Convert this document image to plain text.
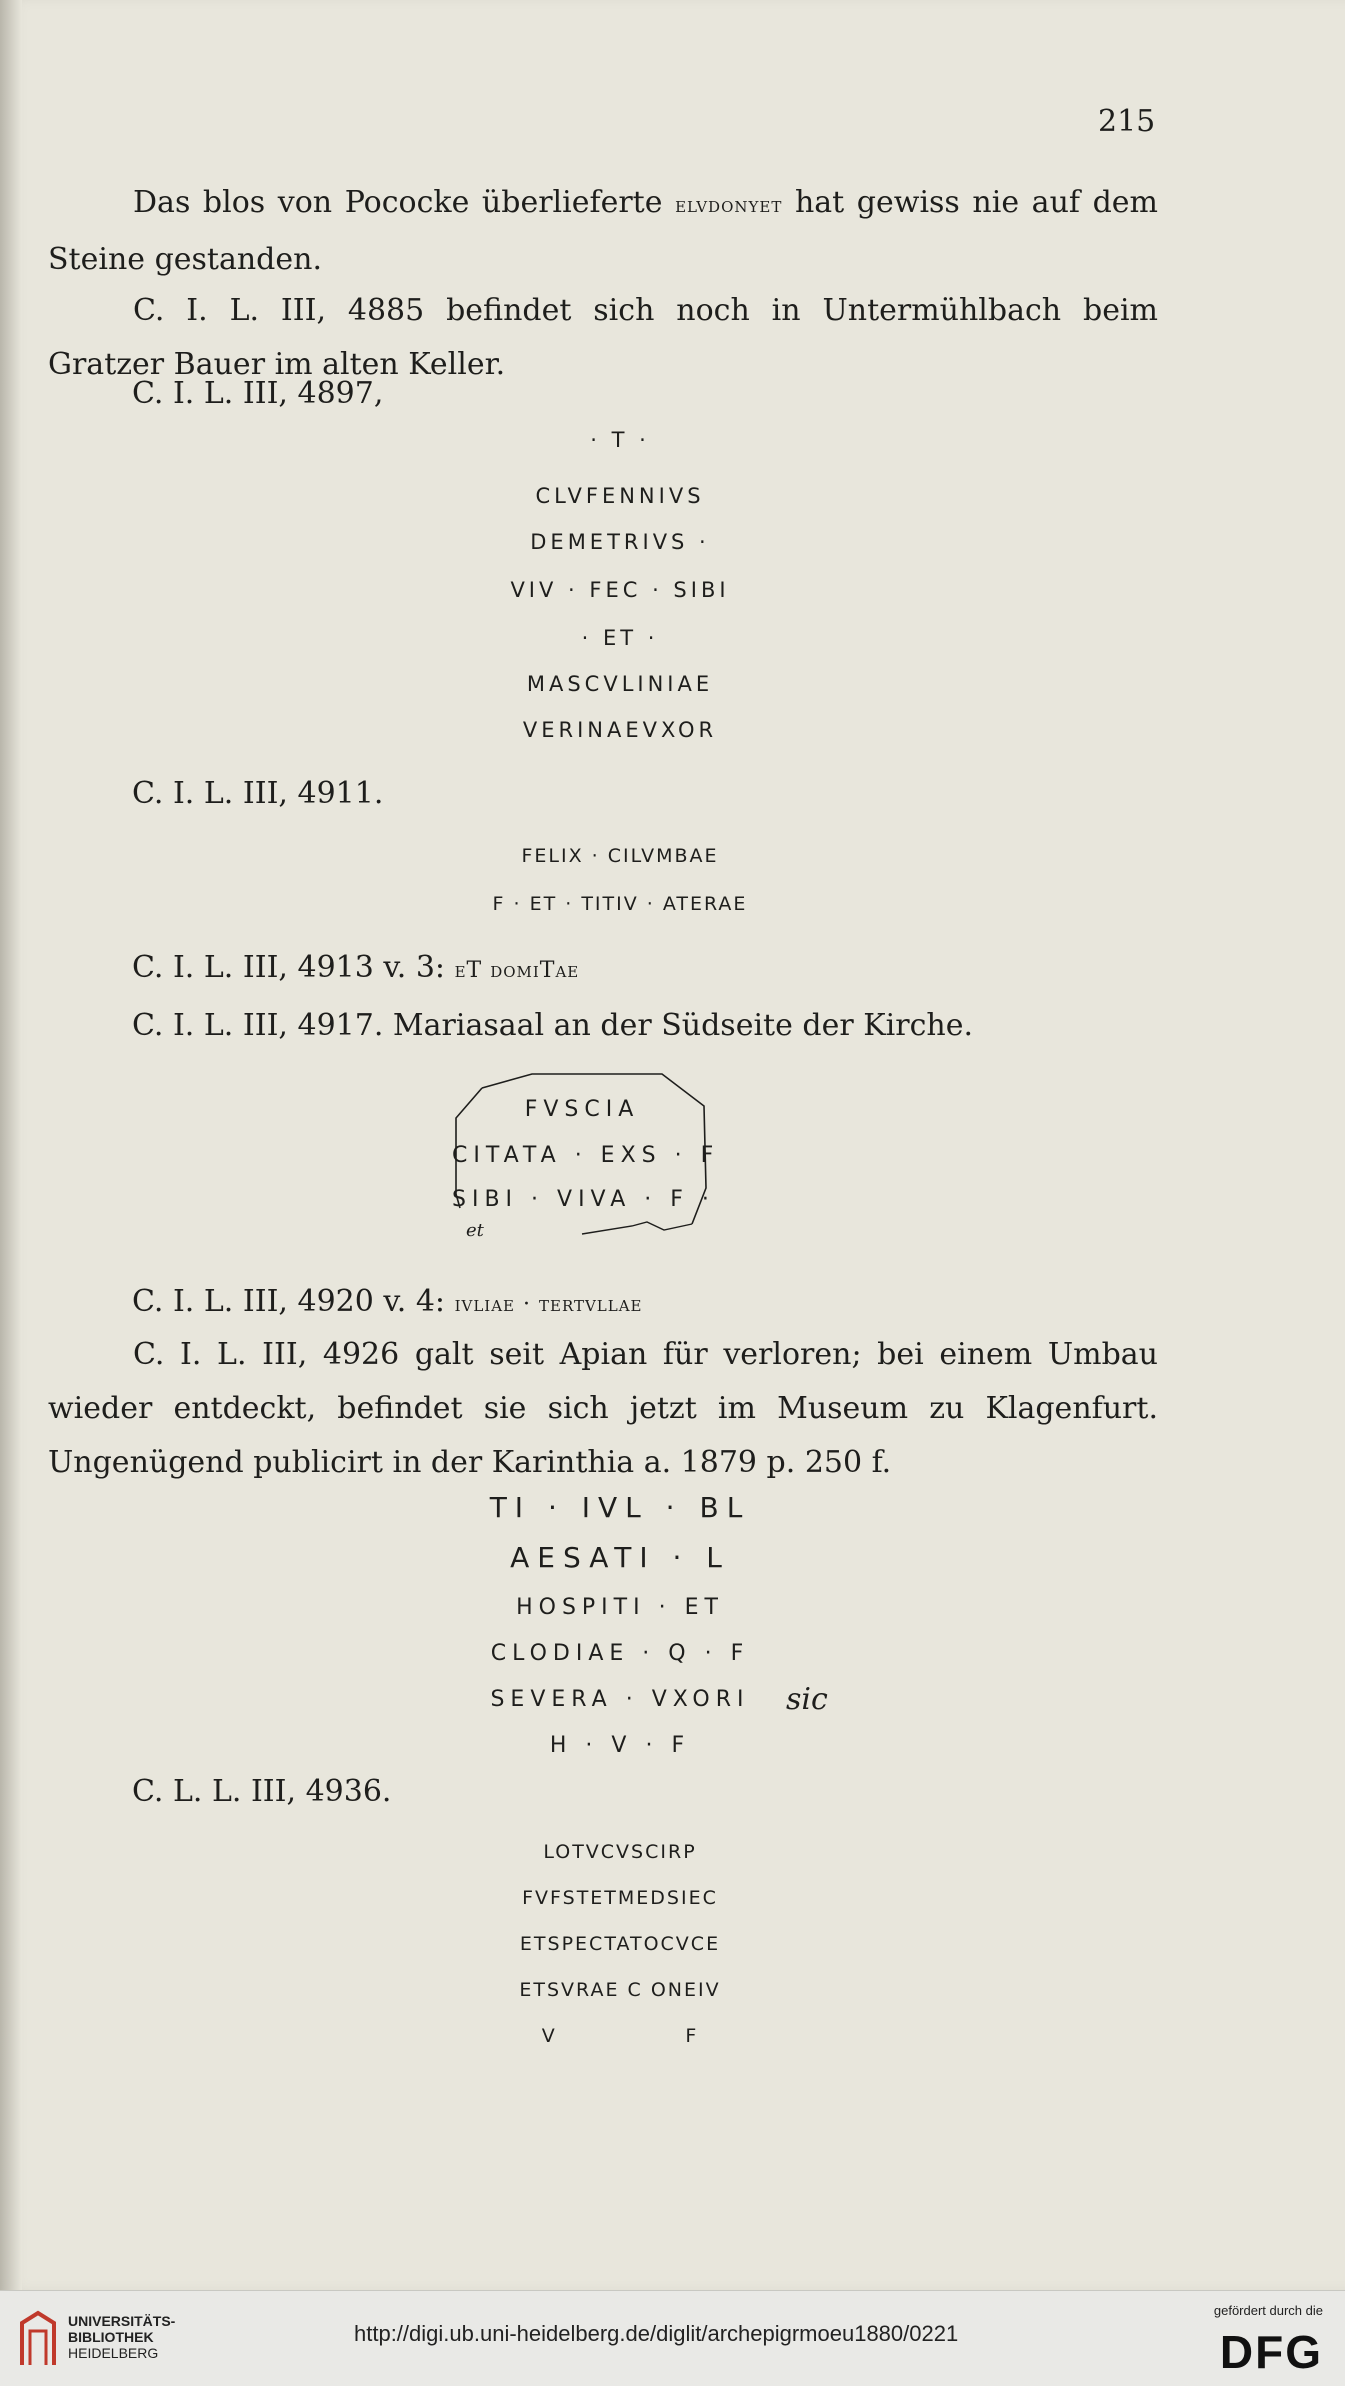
215

Das blos von Pococke überlieferte elvdonyet hat gewiss nie auf dem Steine gestanden.

C. I. L. III, 4885 befindet sich noch in Untermühlbach beim Gratzer Bauer im alten Keller.

C. I. L. III, 4897,
· T ·
CLVFENNIVS
DEMETRIVS ·
VIV · FEC · SIBI
· ET ·
MASCVLINIAE
VERINAEVXOR
C. I. L. III, 4911.
FELIX · CILVMBAE
F · ET · TITIV · ATERAE
C. I. L. III, 4913 v. 3: eT domiTae
C. I. L. III, 4917. Mariasaal an der Südseite der Kirche.
FVSCIA
CITATA · EXS · F
SIBI · VIVA · F ·
et
C. I. L. III, 4920 v. 4: ivliae · tertvllae

C. I. L. III, 4926 galt seit Apian für verloren; bei einem Umbau wieder entdeckt, befindet sie sich jetzt im Museum zu Klagenfurt. Ungenügend publicirt in der Karinthia a. 1879 p. 250 f.

TI · IVL · BL
AESATI · L
HOSPITI · ET
CLODIAE · Q · F
SEVERA · VXORI	sic
H · V · F
C. L. L. III, 4936.
LOTVCVSCIRP
FVFSTETMEDSIEC
ETSPECTATOCVCE
ETSVRAE C ONEIV
V                F
UNIVERSITÄTS-
BIBLIOTHEK
HEIDELBERG
http://digi.ub.uni-heidelberg.de/diglit/archepigrmoeu1880/0221
gefördert durch die
DFG
